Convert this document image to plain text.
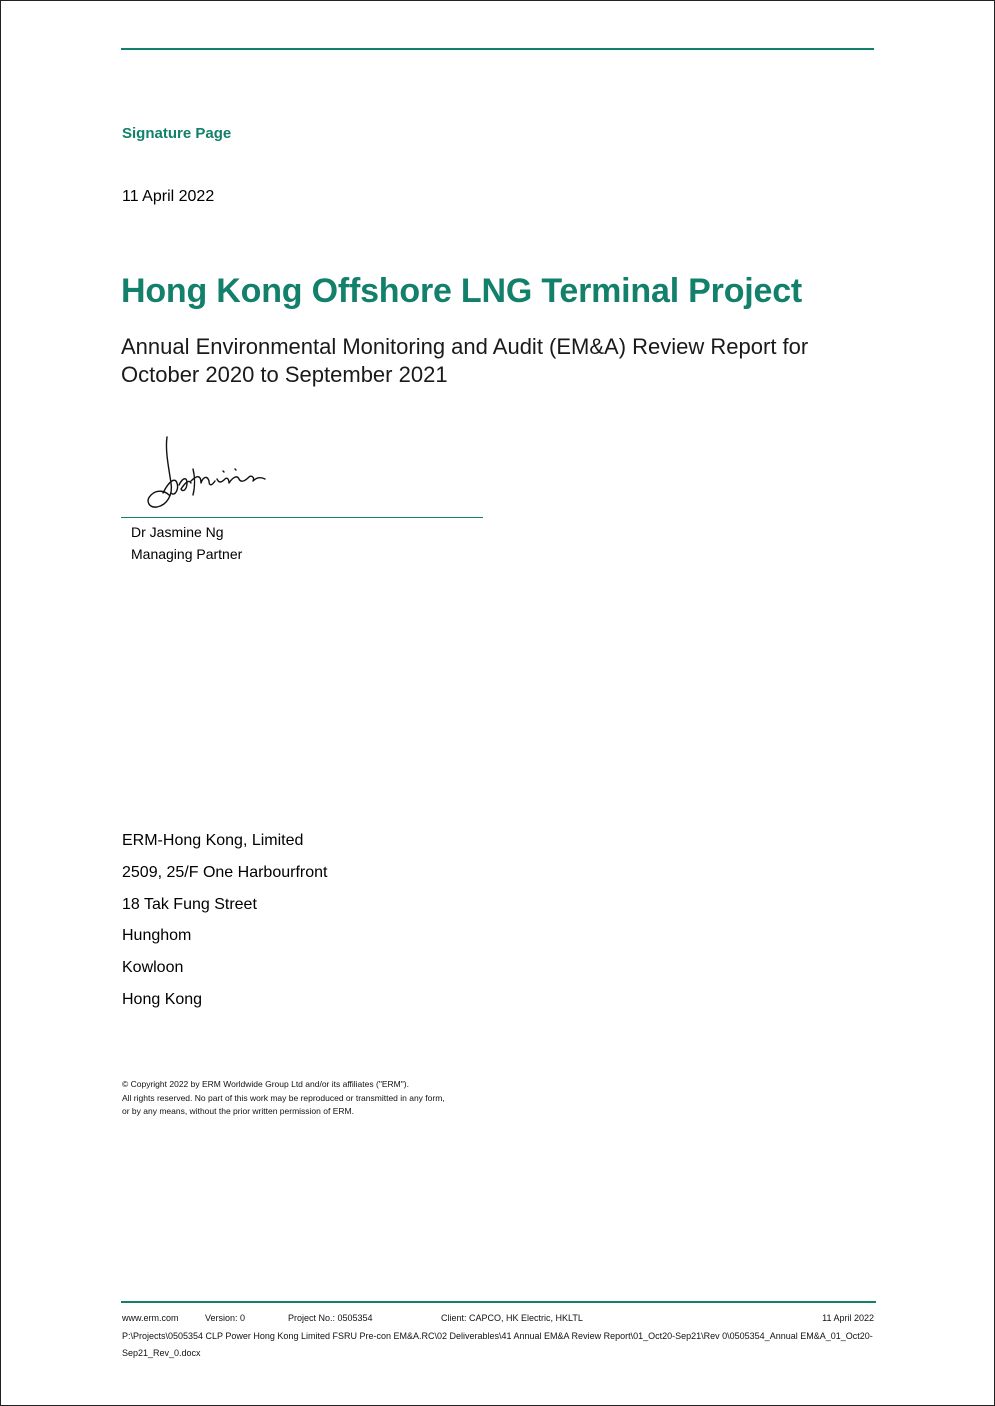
Signature Page
11 April 2022
Hong Kong Offshore LNG Terminal Project
Annual Environmental Monitoring and Audit (EM&A) Review Report for October 2020 to September 2021
Dr Jasmine Ng
Managing Partner
ERM-Hong Kong, Limited
2509, 25/F One Harbourfront
18 Tak Fung Street
Hunghom
Kowloon
Hong Kong
© Copyright 2022 by ERM Worldwide Group Ltd and/or its affiliates ("ERM").
All rights reserved. No part of this work may be reproduced or transmitted in any form,
or by any means, without the prior written permission of ERM.
www.erm.com	Version: 0	Project No.: 0505354	Client: CAPCO, HK Electric, HKLTL	11 April 2022
P:\Projects\0505354 CLP Power Hong Kong Limited FSRU Pre-con EM&A.RC\02 Deliverables\41 Annual EM&A Review Report\01_Oct20-Sep21\Rev 0\0505354_Annual EM&A_01_Oct20-Sep21_Rev_0.docx
